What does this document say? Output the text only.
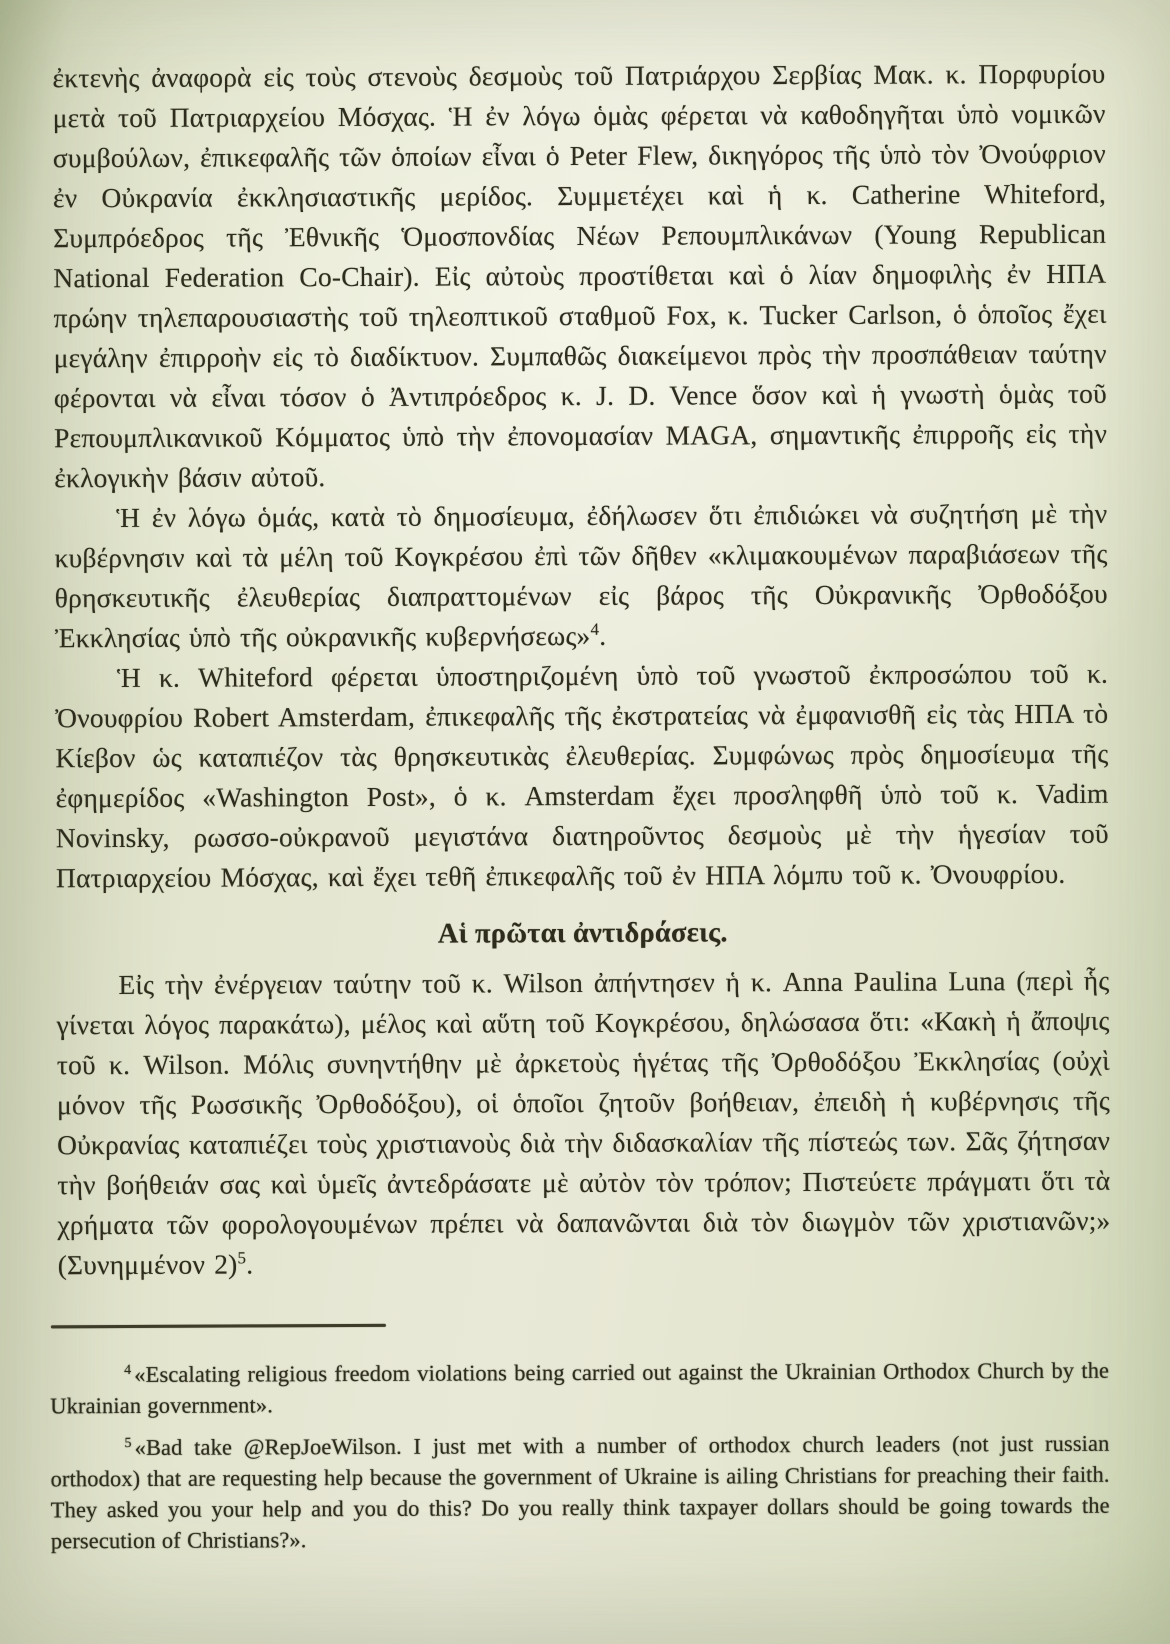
ἐκτενὴς ἀναφορὰ εἰς τοὺς στενοὺς δεσμοὺς τοῦ Πατριάρχου Σερβίας Μακ. κ. Πορφυρίου μετὰ τοῦ Πατριαρχείου Μόσχας. Ἡ ἐν λόγω ὁμὰς φέρεται νὰ καθοδηγῆται ὑπὸ νομικῶν συμβούλων, ἐπικεφαλῆς τῶν ὁποίων εἶναι ὁ Peter Flew, δικηγόρος τῆς ὑπὸ τὸν Ὀνούφριον ἐν Οὐκρανία ἐκκλησιαστικῆς μερίδος. Συμμετέχει καὶ ἡ κ. Catherine Whiteford, Συμπρόεδρος τῆς Ἐθνικῆς Ὁμοσπονδίας Νέων Ρεπουμπλικάνων (Young Republican National Federation Co-Chair). Εἰς αὐτοὺς προστίθεται καὶ ὁ λίαν δημοφιλὴς ἐν ΗΠΑ πρώην τηλεπαρουσιαστὴς τοῦ τηλεοπτικοῦ σταθμοῦ Fox, κ. Tucker Carlson, ὁ ὁποῖος ἔχει μεγάλην ἐπιρροὴν εἰς τὸ διαδίκτυον. Συμπαθῶς διακείμενοι πρὸς τὴν προσπάθειαν ταύτην φέρονται νὰ εἶναι τόσον ὁ Ἀντιπρόεδρος κ. J. D. Vence ὅσον καὶ ἡ γνωστὴ ὁμὰς τοῦ Ρεπουμπλικανικοῦ Κόμματος ὑπὸ τὴν ἐπονομασίαν MAGA, σημαντικῆς ἐπιρροῆς εἰς τὴν ἐκλογικὴν βάσιν αὐτοῦ.

Ἡ ἐν λόγω ὁμάς, κατὰ τὸ δημοσίευμα, ἐδήλωσεν ὅτι ἐπιδιώκει νὰ συζητήση μὲ τὴν κυβέρνησιν καὶ τὰ μέλη τοῦ Κογκρέσου ἐπὶ τῶν δῆθεν «κλιμακουμένων παραβιάσεων τῆς θρησκευτικῆς ἐλευθερίας διαπραττομένων εἰς βάρος τῆς Οὐκρανικῆς Ὀρθοδόξου Ἐκκλησίας ὑπὸ τῆς οὐκρανικῆς κυβερνήσεως»$^4$.

Ἡ κ. Whiteford φέρεται ὑποστηριζομένη ὑπὸ τοῦ γνωστοῦ ἐκπροσώπου τοῦ κ. Ὀνουφρίου Robert Amsterdam, ἐπικεφαλῆς τῆς ἐκστρατείας νὰ ἐμφανισθῆ εἰς τὰς ΗΠΑ τὸ Κίεβον ὡς καταπιέζον τὰς θρησκευτικὰς ἐλευθερίας. Συμφώνως πρὸς δημοσίευμα τῆς ἐφημερίδος «Washington Post», ὁ κ. Amsterdam ἔχει προσληφθῆ ὑπὸ τοῦ κ. Vadim Novinsky, ρωσσο-οὐκρανοῦ μεγιστάνα διατηροῦντος δεσμοὺς μὲ τὴν ἡγεσίαν τοῦ Πατριαρχείου Μόσχας, καὶ ἔχει τεθῆ ἐπικεφαλῆς τοῦ ἐν ΗΠΑ λόμπυ τοῦ κ. Ὀνουφρίου.

Αἱ πρῶται ἀντιδράσεις.

Εἰς τὴν ἐνέργειαν ταύτην τοῦ κ. Wilson ἀπήντησεν ἡ κ. Anna Paulina Luna (περὶ ἧς γίνεται λόγος παρακάτω), μέλος καὶ αὕτη τοῦ Κογκρέσου, δηλώσασα ὅτι: «Κακὴ ἡ ἄποψις τοῦ κ. Wilson. Μόλις συνηντήθην μὲ ἀρκετοὺς ἡγέτας τῆς Ὀρθοδόξου Ἐκκλησίας (οὐχὶ μόνον τῆς Ρωσσικῆς Ὀρθοδόξου), οἱ ὁποῖοι ζητοῦν βοήθειαν, ἐπειδὴ ἡ κυβέρνησις τῆς Οὐκρανίας καταπιέζει τοὺς χριστιανοὺς διὰ τὴν διδασκαλίαν τῆς πίστεώς των. Σᾶς ζήτησαν τὴν βοήθειάν σας καὶ ὑμεῖς ἀντεδράσατε μὲ αὐτὸν τὸν τρόπον; Πιστεύετε πράγματι ὅτι τὰ χρήματα τῶν φορολογουμένων πρέπει νὰ δαπανῶνται διὰ τὸν διωγμὸν τῶν χριστιανῶν;» (Συνημμένον 2)$^5$.

$^4$ «Escalating religious freedom violations being carried out against the Ukrainian Orthodox Church by the Ukrainian government».

$^5$ «Bad take @RepJoeWilson. I just met with a number of orthodox church leaders (not just russian orthodox) that are requesting help because the government of Ukraine is ailing Christians for preaching their faith. They asked you your help and you do this? Do you really think taxpayer dollars should be going towards the persecution of Christians?».
